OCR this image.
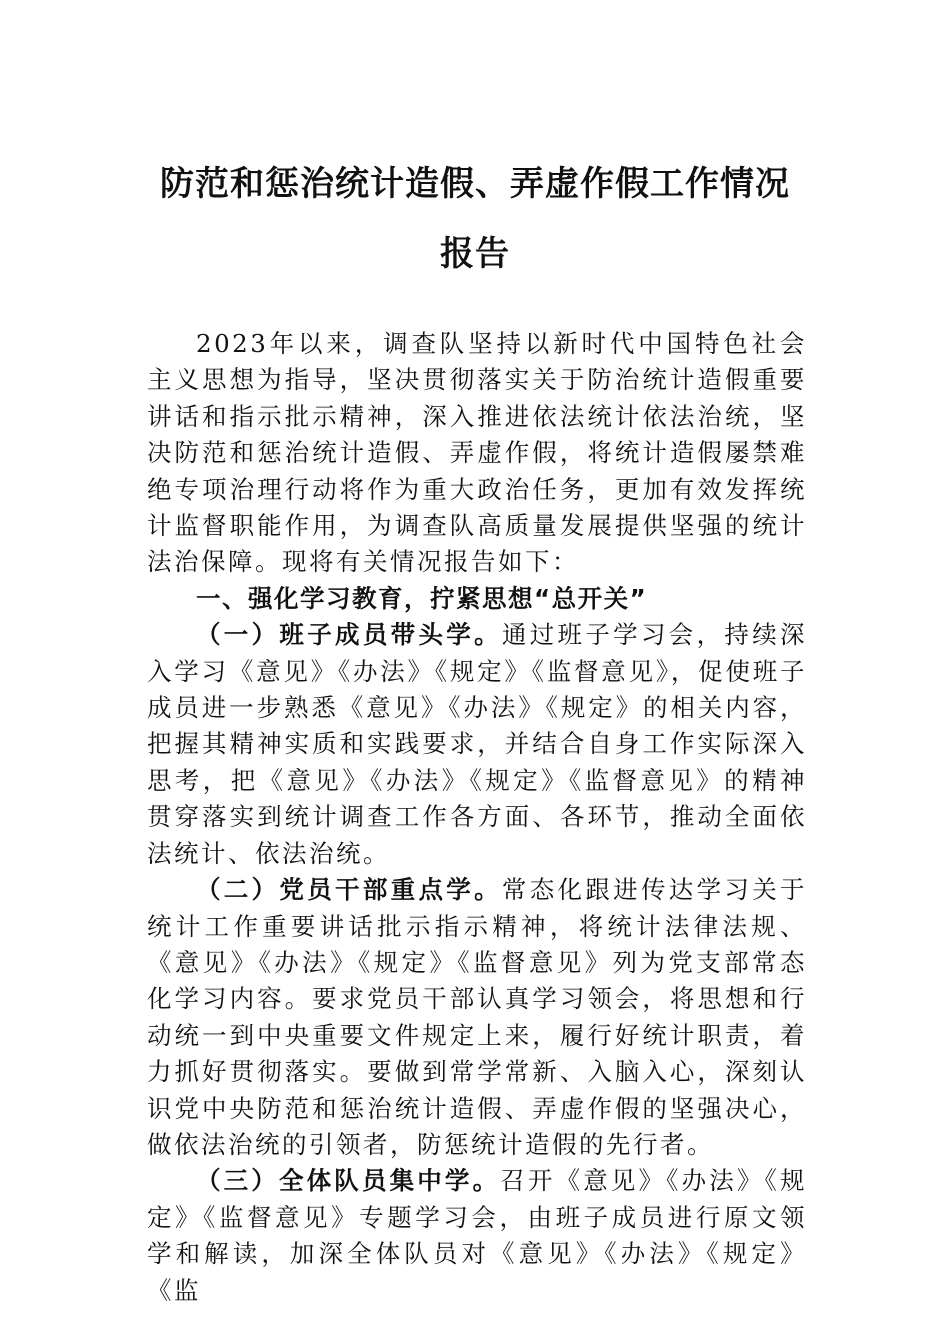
防范和惩治统计造假、弄虚作假工作情况
报告

2023年以来，调查队坚持以新时代中国特色社会主义思想为指导，坚决贯彻落实关于防治统计造假重要讲话和指示批示精神，深入推进依法统计依法治统，坚决防范和惩治统计造假、弄虚作假，将统计造假屡禁难绝专项治理行动将作为重大政治任务，更加有效发挥统计监督职能作用，为调查队高质量发展提供坚强的统计法治保障。现将有关情况报告如下：

一、强化学习教育，拧紧思想“总开关”

（一）班子成员带头学。通过班子学习会，持续深入学习《意见》《办法》《规定》《监督意见》，促使班子成员进一步熟悉《意见》《办法》《规定》的相关内容，把握其精神实质和实践要求，并结合自身工作实际深入思考，把《意见》《办法》《规定》《监督意见》的精神贯穿落实到统计调查工作各方面、各环节，推动全面依法统计、依法治统。

（二）党员干部重点学。常态化跟进传达学习关于统计工作重要讲话批示指示精神，将统计法律法规、《意见》《办法》《规定》《监督意见》列为党支部常态化学习内容。要求党员干部认真学习领会，将思想和行动统一到中央重要文件规定上来，履行好统计职责，着力抓好贯彻落实。要做到常学常新、入脑入心，深刻认识党中央防范和惩治统计造假、弄虚作假的坚强决心，做依法治统的引领者，防惩统计造假的先行者。

（三）全体队员集中学。召开《意见》《办法》《规定》《监督意见》专题学习会，由班子成员进行原文领学和解读，加深全体队员对《意见》《办法》《规定》《监
